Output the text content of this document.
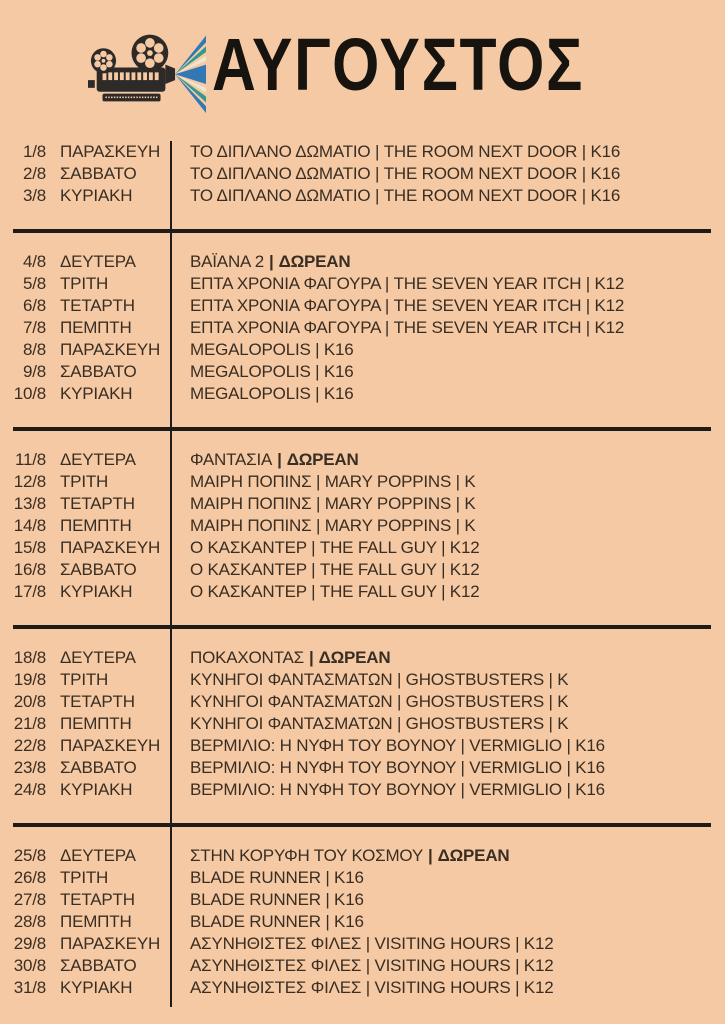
ΑΥΓΟΥΣΤΟΣ
1/8 ΠΑΡΑΣΚΕΥΗ	ΤΟ ΔΙΠΛΑΝΟ ΔΩΜΑΤΙΟ | THE ROOM NEXT DOOR | K16
2/8 ΣΑΒΒΑΤΟ	ΤΟ ΔΙΠΛΑΝΟ ΔΩΜΑΤΙΟ | THE ROOM NEXT DOOR | K16
3/8 ΚΥΡΙΑΚΗ	ΤΟ ΔΙΠΛΑΝΟ ΔΩΜΑΤΙΟ | THE ROOM NEXT DOOR | K16
4/8 ΔΕΥΤΕΡΑ	ΒΑΪΑΝΑ 2 | ΔΩΡΕΑΝ
5/8 ΤΡΙΤΗ	ΕΠΤΑ ΧΡΟΝΙΑ ΦΑΓΟΥΡΑ | THE SEVEN YEAR ITCH | K12
6/8 ΤΕΤΑΡΤΗ	ΕΠΤΑ ΧΡΟΝΙΑ ΦΑΓΟΥΡΑ | THE SEVEN YEAR ITCH | K12
7/8 ΠΕΜΠΤΗ	ΕΠΤΑ ΧΡΟΝΙΑ ΦΑΓΟΥΡΑ | THE SEVEN YEAR ITCH | K12
8/8 ΠΑΡΑΣΚΕΥΗ	MEGALOPOLIS | K16
9/8 ΣΑΒΒΑΤΟ	MEGALOPOLIS | K16
10/8 ΚΥΡΙΑΚΗ	MEGALOPOLIS | K16
11/8 ΔΕΥΤΕΡΑ	ΦΑΝΤΑΣΙΑ | ΔΩΡΕΑΝ
12/8 ΤΡΙΤΗ	ΜΑΙΡΗ ΠΟΠΙΝΣ | MARY POPPINS | K
13/8 ΤΕΤΑΡΤΗ	ΜΑΙΡΗ ΠΟΠΙΝΣ | MARY POPPINS | K
14/8 ΠΕΜΠΤΗ	ΜΑΙΡΗ ΠΟΠΙΝΣ | MARY POPPINS | K
15/8 ΠΑΡΑΣΚΕΥΗ	Ο ΚΑΣΚΑΝΤΕΡ | THE FALL GUY | K12
16/8 ΣΑΒΒΑΤΟ	Ο ΚΑΣΚΑΝΤΕΡ | THE FALL GUY | K12
17/8 ΚΥΡΙΑΚΗ	Ο ΚΑΣΚΑΝΤΕΡ | THE FALL GUY | K12
18/8 ΔΕΥΤΕΡΑ	ΠΟΚΑΧΟΝΤΑΣ | ΔΩΡΕΑΝ
19/8 ΤΡΙΤΗ	ΚΥΝΗΓΟΙ ΦΑΝΤΑΣΜΑΤΩΝ | GHOSTBUSTERS | K
20/8 ΤΕΤΑΡΤΗ	ΚΥΝΗΓΟΙ ΦΑΝΤΑΣΜΑΤΩΝ | GHOSTBUSTERS | K
21/8 ΠΕΜΠΤΗ	ΚΥΝΗΓΟΙ ΦΑΝΤΑΣΜΑΤΩΝ | GHOSTBUSTERS | K
22/8 ΠΑΡΑΣΚΕΥΗ	ΒΕΡΜΙΛΙΟ: Η ΝΥΦΗ ΤΟΥ ΒΟΥΝΟΥ | VERMIGLIO | K16
23/8 ΣΑΒΒΑΤΟ	ΒΕΡΜΙΛΙΟ: Η ΝΥΦΗ ΤΟΥ ΒΟΥΝΟΥ | VERMIGLIO | K16
24/8 ΚΥΡΙΑΚΗ	ΒΕΡΜΙΛΙΟ: Η ΝΥΦΗ ΤΟΥ ΒΟΥΝΟΥ | VERMIGLIO | K16
25/8 ΔΕΥΤΕΡΑ	ΣΤΗΝ ΚΟΡΥΦΗ ΤΟΥ ΚΟΣΜΟΥ | ΔΩΡΕΑΝ
26/8 ΤΡΙΤΗ	BLADE RUNNER | K16
27/8 ΤΕΤΑΡΤΗ	BLADE RUNNER | K16
28/8 ΠΕΜΠΤΗ	BLADE RUNNER | K16
29/8 ΠΑΡΑΣΚΕΥΗ	ΑΣΥΝΗΘΙΣΤΕΣ ΦΙΛΕΣ | VISITING HOURS | K12
30/8 ΣΑΒΒΑΤΟ	ΑΣΥΝΗΘΙΣΤΕΣ ΦΙΛΕΣ | VISITING HOURS | K12
31/8 ΚΥΡΙΑΚΗ	ΑΣΥΝΗΘΙΣΤΕΣ ΦΙΛΕΣ | VISITING HOURS | K12
